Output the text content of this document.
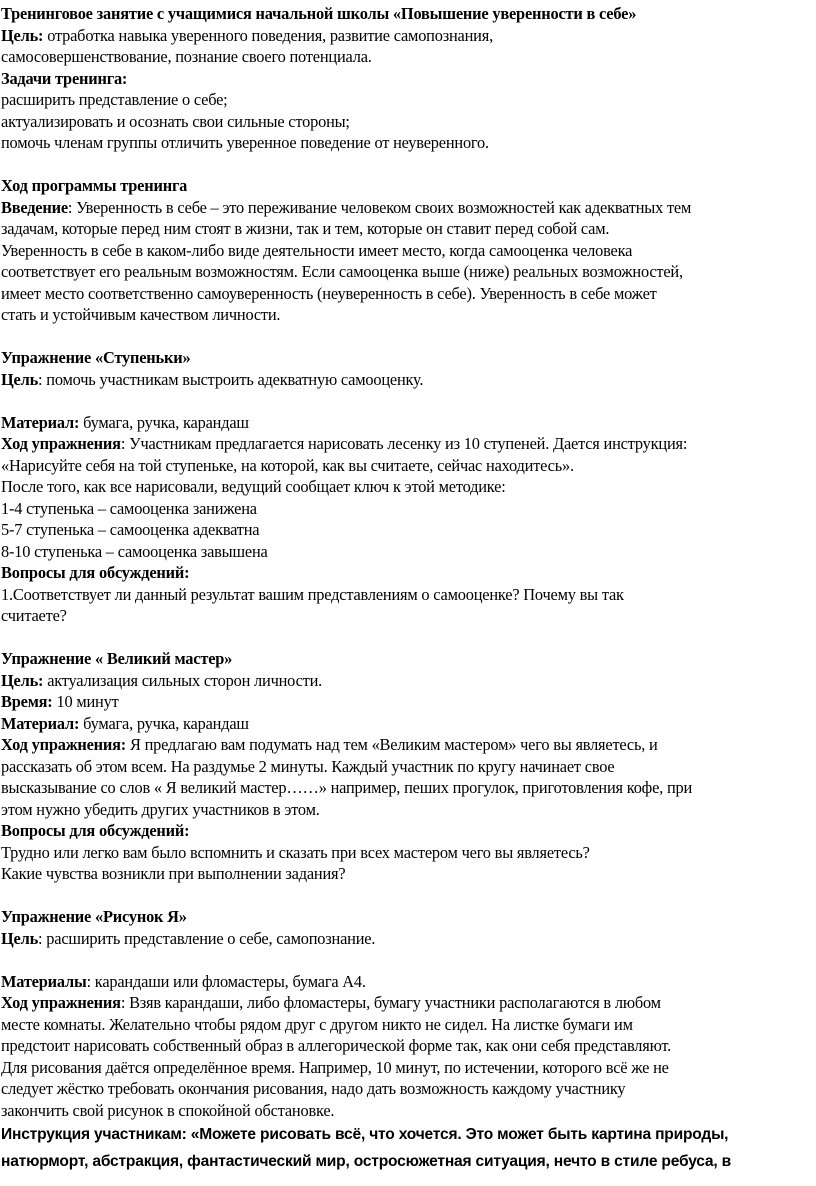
Тренинговое занятие с учащимися начальной школы «Повышение уверенности в себе»
Цель: отработка навыка уверенного поведения, развитие самопознания,
самосовершенствование, познание своего потенциала.
Задачи тренинга:
расширить представление о себе;
актуализировать и осознать свои сильные стороны;
помочь членам группы отличить уверенное поведение от неуверенного.
Ход программы тренинга
Введение: Уверенность в себе – это переживание человеком своих возможностей как адекватных тем
задачам, которые перед ним стоят в жизни, так и тем, которые он ставит перед собой сам.
Уверенность в себе в каком-либо виде деятельности имеет место, когда самооценка человека
соответствует его реальным возможностям. Если самооценка выше (ниже) реальных возможностей,
имеет место соответственно самоуверенность (неуверенность в себе). Уверенность в себе может
стать и устойчивым качеством личности.
Упражнение «Ступеньки»
Цель: помочь участникам выстроить адекватную самооценку.
Материал: бумага, ручка, карандаш
Ход упражнения: Участникам предлагается нарисовать лесенку из 10 ступеней. Дается инструкция:
«Нарисуйте себя на той ступеньке, на которой, как вы считаете, сейчас находитесь».
После того, как все нарисовали, ведущий сообщает ключ к этой методике:
1-4 ступенька – самооценка занижена
5-7 ступенька – самооценка адекватна
8-10 ступенька – самооценка завышена
Вопросы для обсуждений:
1.Соответствует ли данный результат вашим представлениям о самооценке? Почему вы так
считаете?
Упражнение « Великий мастер»
Цель: актуализация сильных сторон личности.
Время: 10 минут
Материал: бумага, ручка, карандаш
Ход упражнения: Я предлагаю вам подумать над тем «Великим мастером» чего вы являетесь, и
рассказать об этом всем. На раздумье 2 минуты. Каждый участник по кругу начинает свое
высказывание со слов « Я великий мастер……» например, пеших прогулок, приготовления кофе, при
этом нужно убедить других участников в этом.
Вопросы для обсуждений:
Трудно или легко вам было вспомнить и сказать при всех мастером чего вы являетесь?
Какие чувства возникли при выполнении задания?
Упражнение «Рисунок Я»
Цель: расширить представление о себе, самопознание.
Материалы: карандаши или фломастеры, бумага А4.
Ход упражнения: Взяв карандаши, либо фломастеры, бумагу участники располагаются в любом
месте комнаты. Желательно чтобы рядом друг с другом никто не сидел. На листке бумаги им
предстоит нарисовать собственный образ в аллегорической форме так, как они себя представляют.
Для рисования даётся определённое время. Например, 10 минут, по истечении, которого всё же не
следует жёстко требовать окончания рисования, надо дать возможность каждому участнику
закончить свой рисунок в спокойной обстановке.
Инструкция участникам: «Можете рисовать всё, что хочется. Это может быть картина природы,
натюрморт, абстракция, фантастический мир, остросюжетная ситуация, нечто в стиле ребуса, в
